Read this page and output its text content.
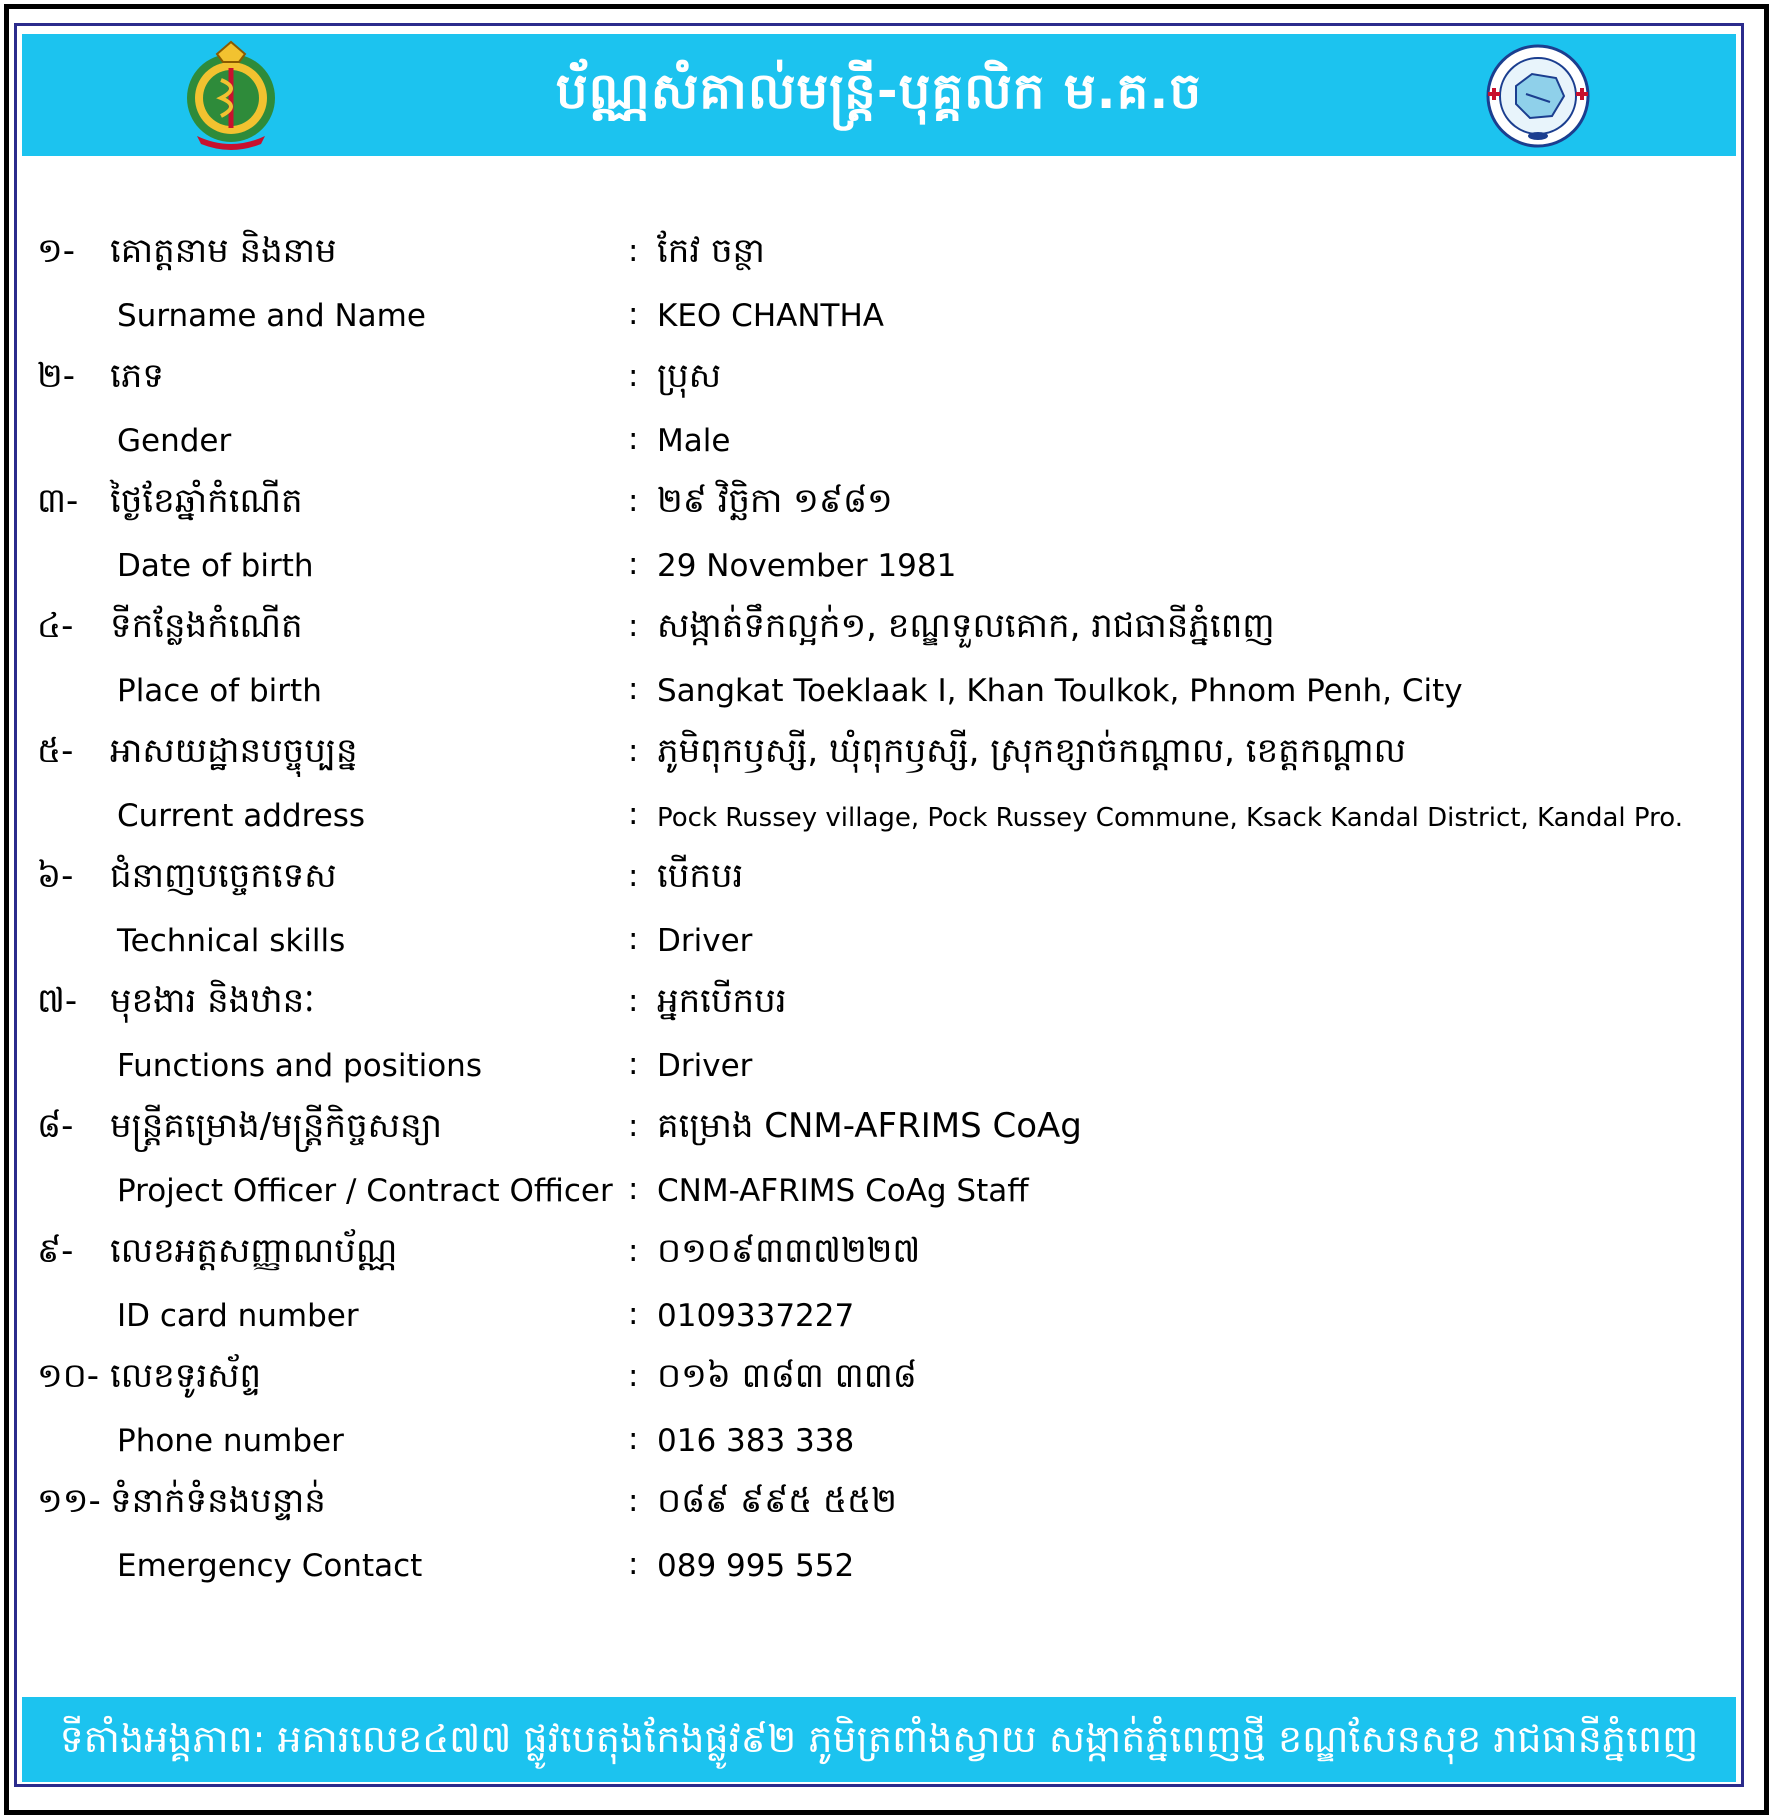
ប័ណ្ណសំគាល់មន្ត្រី-បុគ្គលិក ម.គ.ច
១- គោត្តនាម និងនាម	: កែវ ចន្ថា
Surname and Name	: KEO CHANTHA
២- ភេទ	: ប្រុស
Gender	: Male
៣- ថ្ងៃខែឆ្នាំកំណើត	: ២៩ វិច្ឆិកា ១៩៨១
Date of birth	: 29 November 1981
៤- ទីកន្លែងកំណើត	: សង្កាត់ទឹកល្អក់១, ខណ្ឌទួលគោក, រាជធានីភ្នំពេញ
Place of birth	: Sangkat Toeklaak I, Khan Toulkok, Phnom Penh, City
៥- អាសយដ្ឋានបច្ចុប្បន្ន	: ភូមិពុកឫស្សី, ឃុំពុកឫស្សី, ស្រុកខ្សាច់កណ្ដាល, ខេត្តកណ្ដាល
Current address	: Pock Russey village, Pock Russey Commune, Ksack Kandal District, Kandal Pro.
៦- ជំនាញបច្ចេកទេស	: បើកបរ
Technical skills	: Driver
៧- មុខងារ និងឋានៈ	: អ្នកបើកបរ
Functions and positions	: Driver
៨- មន្ត្រីគម្រោង/មន្ត្រីកិច្ចសន្យា	: គម្រោង CNM-AFRIMS CoAg
Project Officer / Contract Officer : CNM-AFRIMS CoAg Staff
៩- លេខអត្តសញ្ញាណប័ណ្ណ	: ០១០៩៣៣៧២២៧
ID card number	: 0109337227
១០- លេខទូរស័ព្ទ	: ០១៦ ៣៨៣ ៣៣៨
Phone number	: 016 383 338
១១- ទំនាក់ទំនងបន្ទាន់	: ០៨៩ ៩៩៥ ៥៥២
Emergency Contact	: 089 995 552
ទីតាំងអង្គភាព: អគារលេខ៤៧៧ ផ្លូវបេតុងកែងផ្លូវ៩២ ភូមិត្រពាំងស្វាយ សង្កាត់ភ្នំពេញថ្មី ខណ្ឌសែនសុខ រាជធានីភ្នំពេញ
